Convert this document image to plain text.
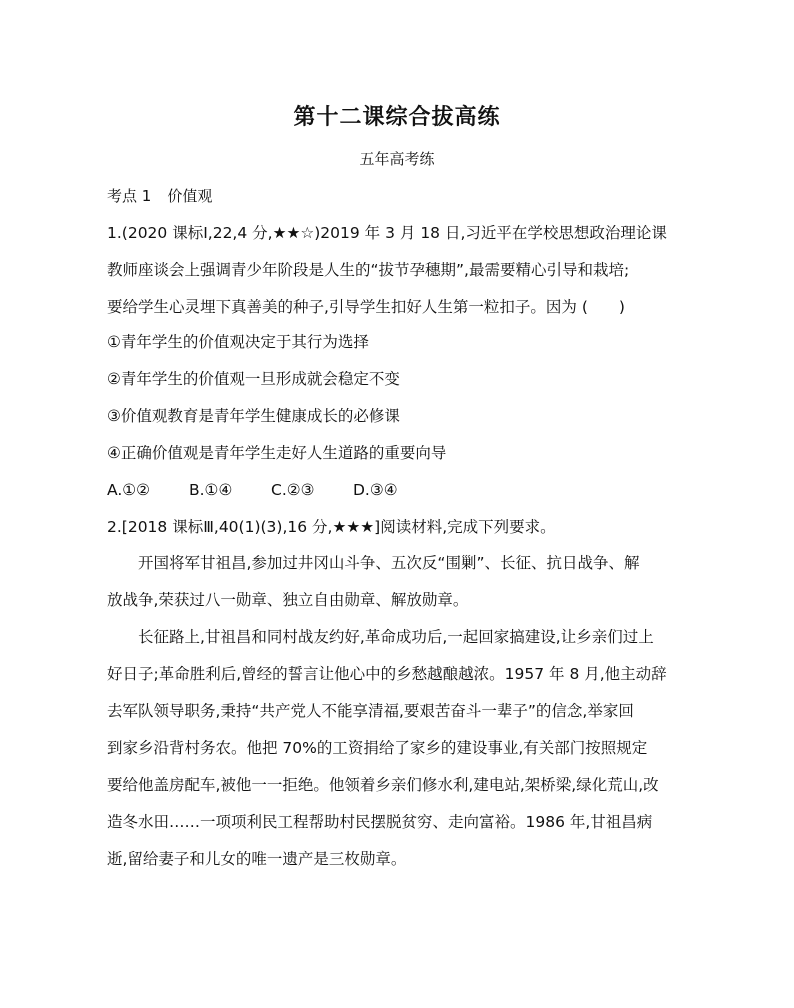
第十二课综合拔高练
五年高考练
考点 1 价值观
1.(2020 课标Ⅰ,22,4 分,★★☆)2019 年 3 月 18 日,习近平在学校思想政治理论课
教师座谈会上强调青少年阶段是人生的“拔节孕穗期”,最需要精心引导和栽培;
要给学生心灵埋下真善美的种子,引导学生扣好人生第一粒扣子。因为 (　　)
①青年学生的价值观决定于其行为选择
②青年学生的价值观一旦形成就会稳定不变
③价值观教育是青年学生健康成长的必修课
④正确价值观是青年学生走好人生道路的重要向导
A.①②	B.①④ C.②③ D.③④
2.[2018 课标Ⅲ,40(1)(3),16 分,★★★]阅读材料,完成下列要求。
开国将军甘祖昌,参加过井冈山斗争、五次反“围剿”、长征、抗日战争、解
放战争,荣获过八一勋章、独立自由勋章、解放勋章。
长征路上,甘祖昌和同村战友约好,革命成功后,一起回家搞建设,让乡亲们过上
好日子;革命胜利后,曾经的誓言让他心中的乡愁越酿越浓。1957 年 8 月,他主动辞
去军队领导职务,秉持“共产党人不能享清福,要艰苦奋斗一辈子”的信念,举家回
到家乡沿背村务农。他把 70%的工资捐给了家乡的建设事业,有关部门按照规定
要给他盖房配车,被他一一拒绝。他领着乡亲们修水利,建电站,架桥梁,绿化荒山,改
造冬水田……一项项利民工程帮助村民摆脱贫穷、走向富裕。1986 年,甘祖昌病
逝,留给妻子和儿女的唯一遗产是三枚勋章。
